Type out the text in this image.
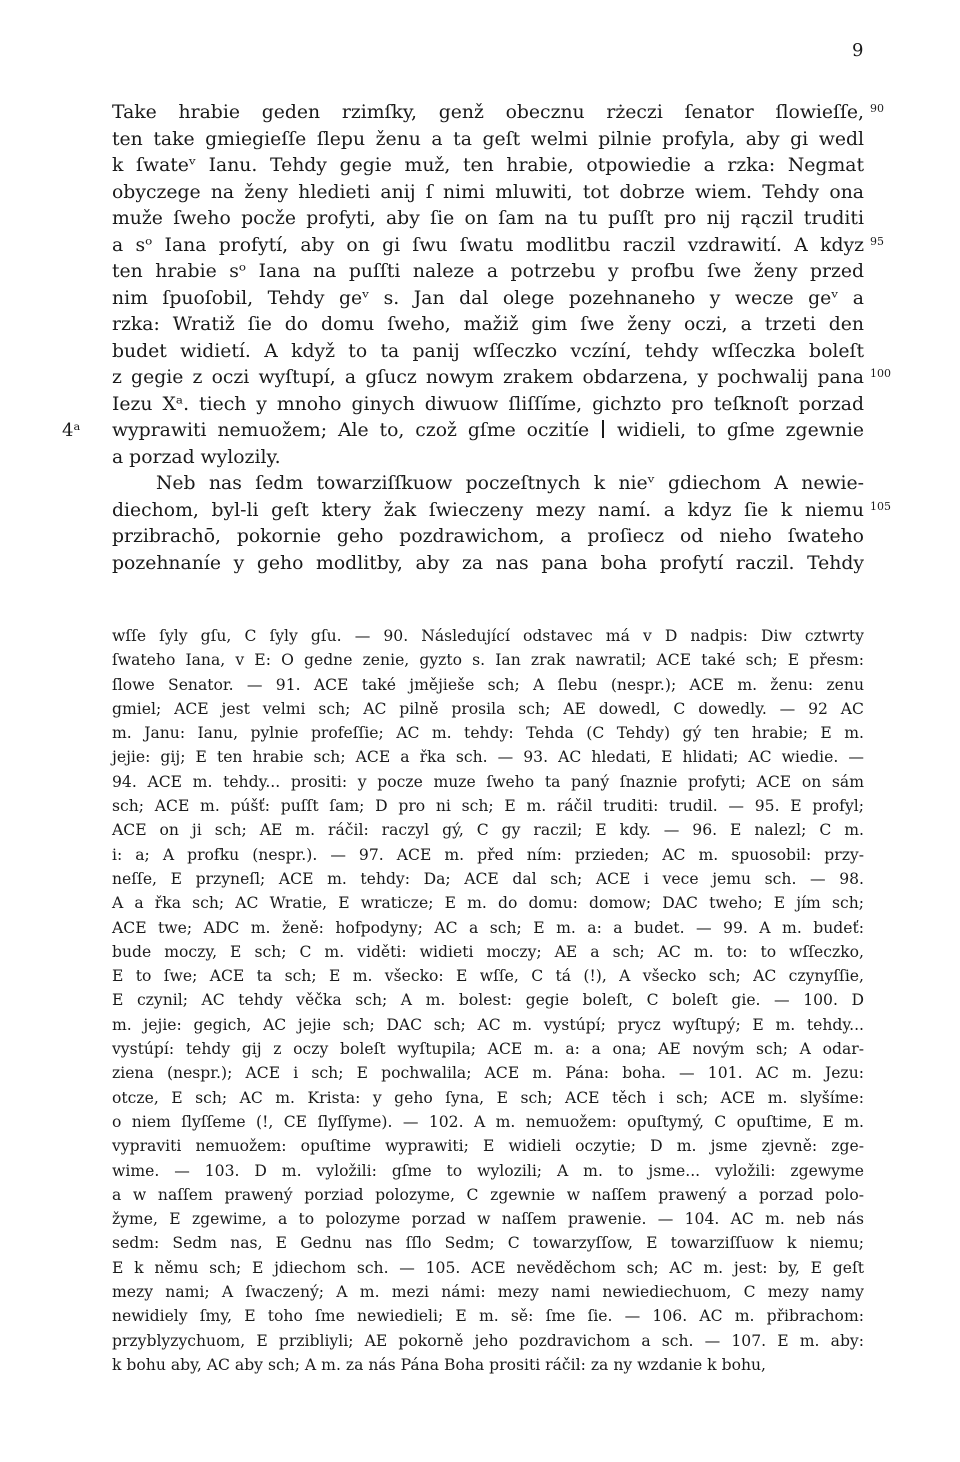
9
Take hrabie geden rzimſky, genž obecznu rżeczi ſenator ſlowieſſe, 90
ten take gmiegieſſe ſlepu ženu a ta geſt welmi pilnie profyla, aby gi wedl
k ſwateᵛ Ianu. Tehdy gegie muž, ten hrabie, otpowiedie a rzka: Negmat
obyczege na ženy hledieti anij ſ nimi mluwiti, tot dobrze wiem. Tehdy ona
muže ſweho pocže profyti, aby ſie on ſam na tu puſſt pro nij rączil truditi
a sᵒ Iana profytí, aby on gi ſwu ſwatu modlitbu raczil vzdrawití. A kdyz 95
ten hrabie sᵒ Iana na puſſti naleze a potrzebu y profbu ſwe ženy przed
nim ſpuoſobil, Tehdy geᵛ s. Jan dal olege pozehnaneho y wecze geᵛ a
rzka: Wratiž ſie do domu ſweho, mažiž gim ſwe ženy oczi, a trzeti den
budet widietí. A když to ta panij wſſeczko vczíní, tehdy wſſeczka boleſt
z gegie z oczi wyſtupí, a gſucz nowym zrakem obdarzena, y pochwalij pana 100
Iezu Xᵃ. tiech y mnoho ginych diwuow ſliſſíme, gichzto pro teſknoſt porzad
wyprawiti nemuožem; Ale to, czož gſme oczitíe  widieli, to gſme zgewnie
4ᵃ
a porzad wylozily.
Neb nas ſedm towarziſſkuow poczeſtnych k nieᵛ gdiechom A newie-
diechom, byl-li geſt ktery žak ſwieczeny mezy namí. a kdyz ſie k niemu 105
przibrachō, pokornie geho pozdrawichom, a proſiecz od nieho ſwateho
pozehnaníe y geho modlitby, aby za nas pana boha profytí raczil. Tehdy
wſſe ſyly gſu, C ſyly gſu. — 90. Následující odstavec má v D nadpis: Diw cztwrty
ſwateho Iana, v E: O gedne zenie, gyzto s. Ian zrak nawratil; ACE také sch; E přesm:
ſlowe Senator. — 91. ACE také jmějieše sch; A ſlebu (nespr.); ACE m. ženu: zenu
gmiel; ACE jest velmi sch; AC pilně prosila sch; AE dowedl, C dowedly. — 92 AC
m. Janu: Ianu, pylnie profeſſie; AC m. tehdy: Tehda (C Tehdy) gý ten hrabie; E m.
jejie: gij; E ten hrabie sch; ACE a řka sch. — 93. AC hledati, E hlidati; AC wiedie. —
94. ACE m. tehdy... prositi: y pocze muze ſweho ta paný ſnaznie profyti; ACE on sám
sch; ACE m. púšť: puſſt ſam; D pro ni sch; E m. ráčil truditi: trudil. — 95. E profyl;
ACE on ji sch; AE m. ráčil: raczyl gý, C gy raczil; E kdy. — 96. E nalezl; C m.
i: a; A profku (nespr.). — 97. ACE m. před ním: przieden; AC m. spuosobil: przy-
neſſe, E przyneſl; ACE m. tehdy: Da; ACE dal sch; ACE i vece jemu sch. — 98.
A a řka sch; AC Wratie, E wraticze; E m. do domu: domow; DAC tweho; E jím sch;
ACE twe; ADC m. ženě: hofpodyny; AC a sch; E m. a: a budet. — 99. A m. budeť:
bude moczy, E sch; C m. viděti: widieti moczy; AE a sch; AC m. to: to wſſeczko,
E to ſwe; ACE ta sch; E m. všecko: E wſſe, C tá (!), A všecko sch; AC czynyſſie,
E czynil; AC tehdy věčka sch; A m. bolest: gegie boleſt, C boleſt gie. — 100. D
m. jejie: gegich, AC jejie sch; DAC sch; AC m. vystúpí; prycz wyſtupý; E m. tehdy...
vystúpí: tehdy gij z oczy boleſt wyſtupila; ACE m. a: a ona; AE novým sch; A odar-
ziena (nespr.); ACE i sch; E pochwalila; ACE m. Pána: boha. — 101. AC m. Jezu:
otcze, E sch; AC m. Krista: y geho ſyna, E sch; ACE těch i sch; ACE m. slyšíme:
o niem ſlyſſeme (!, CE ſlyſſyme). — 102. A m. nemuožem: opuſtymý, C opuſtime, E m.
vypraviti nemuožem: opuſtime wyprawiti; E widieli oczytie; D m. jsme zjevně: zge-
wime. — 103. D m. vyložili: gſme to wylozili; A m. to jsme... vyložili: zgewyme
a w naſſem prawený porziad polozyme, C zgewnie w naſſem prawený a porzad polo-
žyme, E zgewime, a to polozyme porzad w naſſem prawenie. — 104. AC m. neb nás
sedm: Sedm nas, E Gednu nas ſſlo Sedm; C towarzyſſow, E towarziſſuow k niemu;
E k němu sch; E jdiechom sch. — 105. ACE nevěděchom sch; AC m. jest: by, E geſt
mezy nami; A ſwaczený; A m. mezi námi: mezy nami newiediechuom, C mezy namy
newidiely ſmy, E toho ſme newiedieli; E m. sě: ſme ſie. — 106. AC m. přibrachom:
przyblyzychuom, E przibliyli; AE pokorně jeho pozdravichom a sch. — 107. E m. aby:
k bohu aby, AC aby sch; A m. za nás Pána Boha prositi ráčil: za ny wzdanie k bohu,
